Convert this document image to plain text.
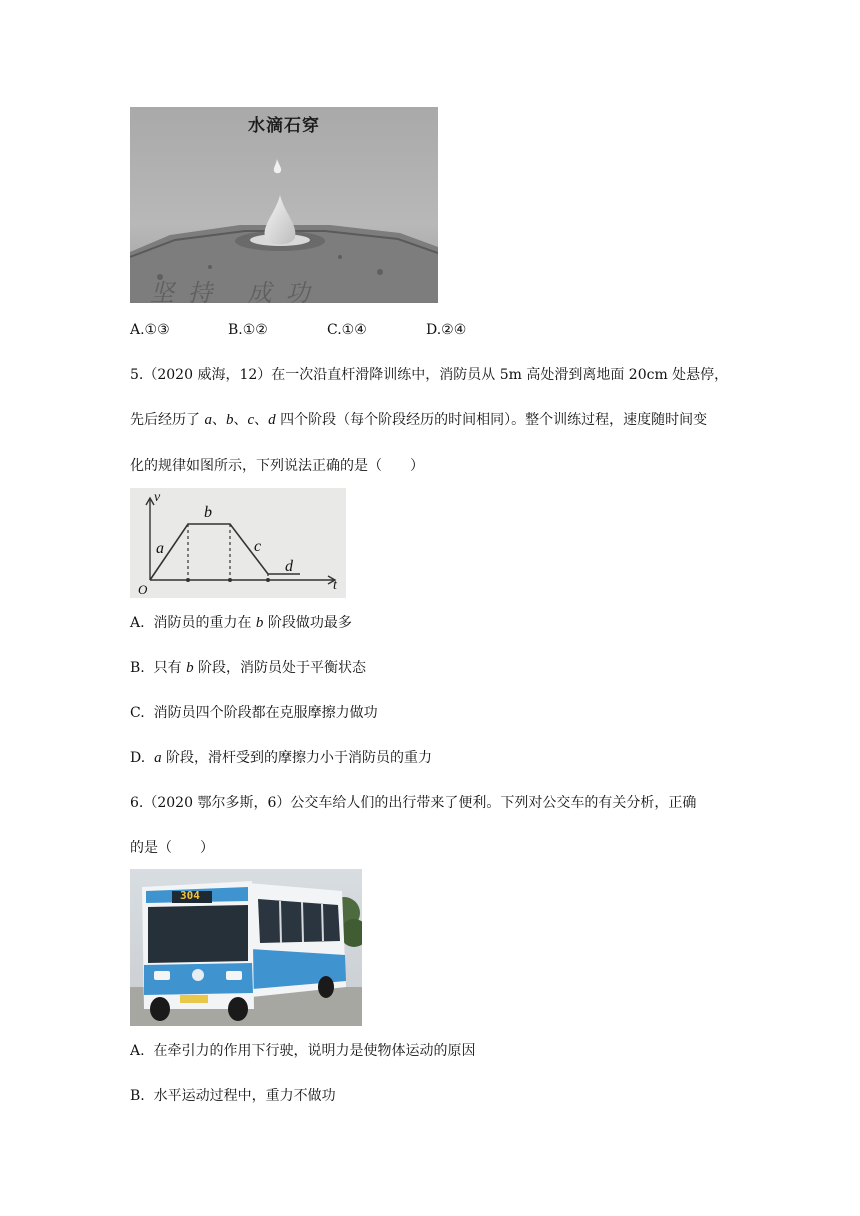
水滴石穿
坚持 成功
A.①③	B.①②	C.①④	D.②④
5.（2020 威海，12）在一次沿直杆滑降训练中，消防员从 5m 高处滑到离地面 20cm 处悬停，
先后经历了 a、b、c、d 四个阶段（每个阶段经历的时间相同）。整个训练过程，速度随时间变
化的规律如图所示，下列说法正确的是（　　）
v
t
O
a
b
c
d
A. 消防员的重力在 b 阶段做功最多
B. 只有 b 阶段，消防员处于平衡状态
C. 消防员四个阶段都在克服摩擦力做功
D. a 阶段，滑杆受到的摩擦力小于消防员的重力
6.（2020 鄂尔多斯，6）公交车给人们的出行带来了便利。下列对公交车的有关分析，正确
的是（　　）
304
A. 在牵引力的作用下行驶，说明力是使物体运动的原因
B. 水平运动过程中，重力不做功
